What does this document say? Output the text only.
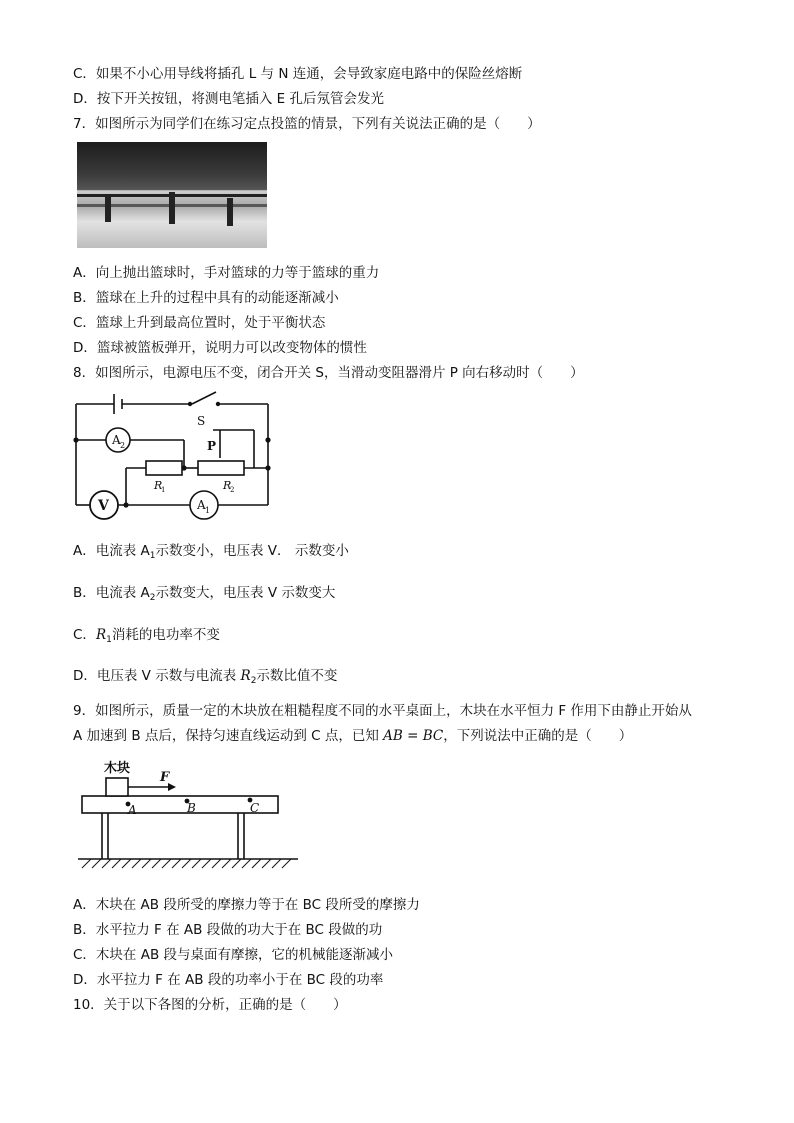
C．如果不小心用导线将插孔 L 与 N 连通，会导致家庭电路中的保险丝熔断
D．按下开关按钮，将测电笔插入 E 孔后氖管会发光
7．如图所示为同学们在练习定点投篮的情景，下列有关说法正确的是（　　）
A．向上抛出篮球时，手对篮球的力等于篮球的重力
B．篮球在上升的过程中具有的动能逐渐减小
C．篮球上升到最高位置时，处于平衡状态
D．篮球被篮板弹开，说明力可以改变物体的惯性
8．如图所示，电源电压不变，闭合开关 S，当滑动变阻器滑片 P 向右移动时（　　）
S
P
A 2
V	A 1
R
1	R
2
A．电流表 $A_1$示数变小，电压表 V． 示数变小
B．电流表 $A_2$示数变大，电压表 V 示数变大
C．$R_1$消耗的电功率不变
D．电压表 V 示数与电流表 $R_2$示数比值不变
9．如图所示，质量一定的木块放在粗糙程度不同的水平桌面上，木块在水平恒力 F 作用下由静止开始从
A 加速到 B 点后，保持匀速直线运动到 C 点，已知 AB = BC，下列说法中正确的是（　　）
木块
F
A	B	C
A．木块在 AB 段所受的摩擦力等于在 BC 段所受的摩擦力
B．水平拉力 F 在 AB 段做的功大于在 BC 段做的功
C．木块在 AB 段与桌面有摩擦，它的机械能逐渐减小
D．水平拉力 F 在 AB 段的功率小于在 BC 段的功率
10．关于以下各图的分析，正确的是（　　）
